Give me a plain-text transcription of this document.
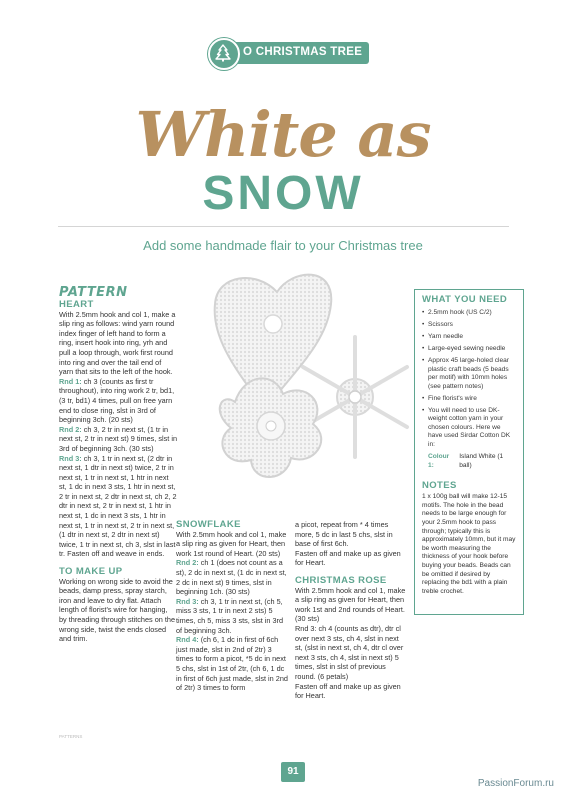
O CHRISTMAS TREE
White as
SNOW
Add some handmade flair to your Christmas tree
PATTERN
HEART

With 2.5mm hook and col 1, make a slip ring as follows: wind yarn round index finger of left hand to form a ring, insert hook into ring, yrh and pull a loop through, work first round into ring and over the tail end of yarn that sits to the left of the hook.

Rnd 1: ch 3 (counts as first tr throughout), into ring work 2 tr, bd1, (3 tr, bd1) 4 times, pull on free yarn end to close ring, slst in 3rd of beginning 3ch. (20 sts)

Rnd 2: ch 3, 2 tr in next st, (1 tr in next st, 2 tr in next st) 9 times, slst in 3rd of beginning 3ch. (30 sts)

Rnd 3: ch 3, 1 tr in next st, (2 dtr in next st, 1 dtr in next st) twice, 2 tr in next st, 1 tr in next st, 1 htr in next st, 1 dc in next 3 sts, 1 htr in next st, 2 tr in next st, 2 dtr in next st, ch 2, 2 dtr in next st, 2 tr in next st, 1 htr in next st, 1 dc in next 3 sts, 1 htr in next st, 1 tr in next st, 2 tr in next st, (1 dtr in next st, 2 dtr in next st) twice, 1 tr in next st, ch 3, slst in last tr. Fasten off and weave in ends.

TO MAKE UP

Working on wrong side to avoid the beads, damp press, spray starch, iron and leave to dry flat. Attach length of florist's wire for hanging, by threading through stitches on the wrong side, twist the ends closed and trim.

SNOWFLAKE

With 2.5mm hook and col 1, make a slip ring as given for Heart, then work 1st round of Heart. (20 sts)

Rnd 2: ch 1 (does not count as a st), 2 dc in next st, (1 dc in next st, 2 dc in next st) 9 times, slst in beginning 1ch. (30 sts)

Rnd 3: ch 3, 1 tr in next st, (ch 5, miss 3 sts, 1 tr in next 2 sts) 5 times, ch 5, miss 3 sts, slst in 3rd of beginning 3ch.

Rnd 4: (ch 6, 1 dc in first of 6ch just made, slst in 2nd of 2tr) 3 times to form a picot, *5 dc in next 5 chs, slst in 1st of 2tr, (ch 6, 1 dc in first of 6ch just made, slst in 2nd of 2tr) 3 times to form

a picot, repeat from * 4 times more, 5 dc in last 5 chs, slst in base of first 6ch.

Fasten off and make up as given for Heart.

CHRISTMAS ROSE

With 2.5mm hook and col 1, make a slip ring as given for Heart, then work 1st and 2nd rounds of Heart. (30 sts)

Rnd 3: ch 4 (counts as dtr), dtr cl over next 3 sts, ch 4, slst in next st, (slst in next st, ch 4, dtr cl over next 3 sts, ch 4, slst in next st) 5 times, slst in slst of previous round. (6 petals)

Fasten off and make up as given for Heart.

WHAT YOU NEED
• 2.5mm hook (US C/2)
• Scissors
• Yarn needle
• Large-eyed sewing needle
• Approx 45 large-holed clear plastic craft beads (5 beads per motif) with 10mm holes (see pattern notes)
• Fine florist's wire
• You will need to use DK-weight cotton yarn in your chosen colours. Here we have used Sirdar Cotton DK in:
Colour 1:
Island White (1 ball)
NOTES

1 x 100g ball will make 12-15 motifs. The hole in the bead needs to be large enough for your 2.5mm hook to pass through; typically this is approximately 10mm, but it may be worth measuring the thickness of your hook before buying your beads. Beads can be omitted if desired by replacing the bd1 with a plain treble crochet.

PATTERNS
91
PassionForum.ru
